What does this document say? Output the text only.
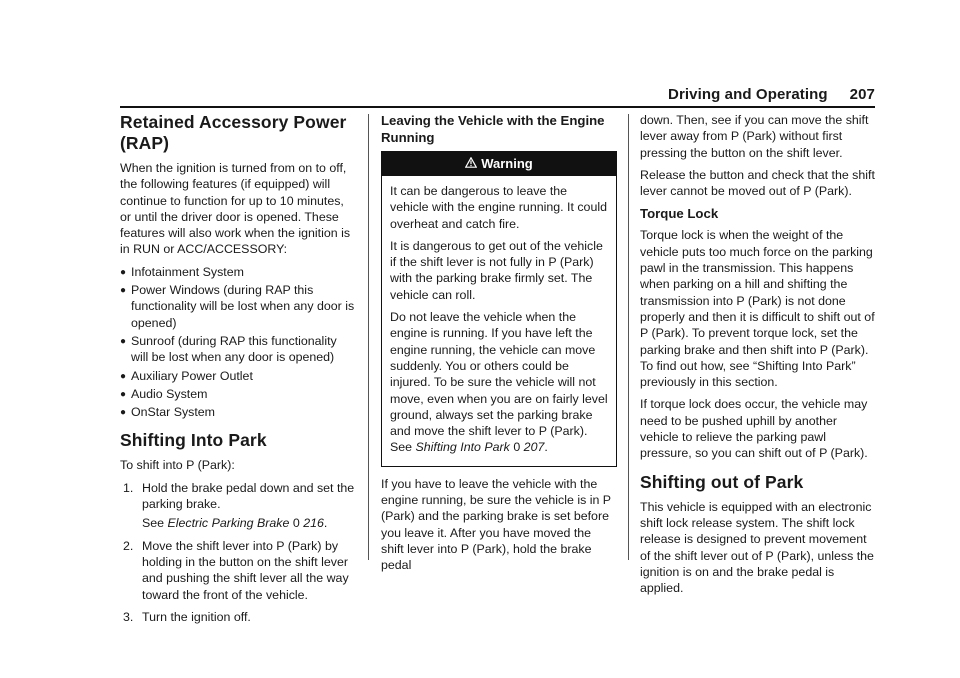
Driving and Operating 207
Retained Accessory Power (RAP)

When the ignition is turned from on to off, the following features (if equipped) will continue to function for up to 10 minutes, or until the driver door is opened. These features will also work when the ignition is in RUN or ACC/ACCESSORY:

● Infotainment System
● Power Windows (during RAP this functionality will be lost when any door is opened)
● Sunroof (during RAP this functionality will be lost when any door is opened)
● Auxiliary Power Outlet
● Audio System
● OnStar System
Shifting Into Park

To shift into P (Park):

1. Hold the brake pedal down and set the parking brake.

See Electric Parking Brake 0 216.

2. Move the shift lever into P (Park) by holding in the button on the shift lever and pushing the shift lever all the way toward the front of the vehicle.
3. Turn the ignition off.
Leaving the Vehicle with the Engine Running
Warning

It can be dangerous to leave the vehicle with the engine running. It could overheat and catch fire.

It is dangerous to get out of the vehicle if the shift lever is not fully in P (Park) with the parking brake firmly set. The vehicle can roll.

Do not leave the vehicle when the engine is running. If you have left the engine running, the vehicle can move suddenly. You or others could be injured. To be sure the vehicle will not move, even when you are on fairly level ground, always set the parking brake and move the shift lever to P (Park). See Shifting Into Park 0 207.

If you have to leave the vehicle with the engine running, be sure the vehicle is in P (Park) and the parking brake is set before you leave it. After you have moved the shift lever into P (Park), hold the brake pedal

down. Then, see if you can move the shift lever away from P (Park) without first pressing the button on the shift lever.

Release the button and check that the shift lever cannot be moved out of P (Park).

Torque Lock

Torque lock is when the weight of the vehicle puts too much force on the parking pawl in the transmission. This happens when parking on a hill and shifting the transmission into P (Park) is not done properly and then it is difficult to shift out of P (Park). To prevent torque lock, set the parking brake and then shift into P (Park). To find out how, see “Shifting Into Park” previously in this section.

If torque lock does occur, the vehicle may need to be pushed uphill by another vehicle to relieve the parking pawl pressure, so you can shift out of P (Park).

Shifting out of Park

This vehicle is equipped with an electronic shift lock release system. The shift lock release is designed to prevent movement of the shift lever out of P (Park), unless the ignition is on and the brake pedal is applied.
